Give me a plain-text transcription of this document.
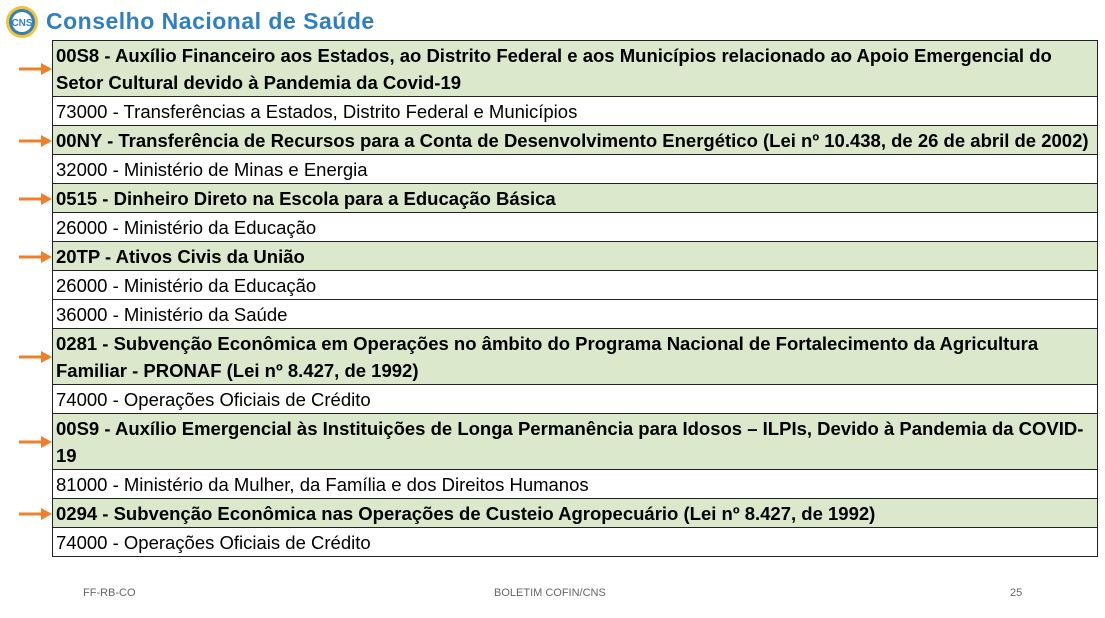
CNS Conselho Nacional de Saúde
00S8 - Auxílio Financeiro aos Estados, ao Distrito Federal e aos Municípios relacionado ao Apoio Emergencial do Setor Cultural devido à Pandemia da Covid-19
73000 - Transferências a Estados, Distrito Federal e Municípios
00NY - Transferência de Recursos para a Conta de Desenvolvimento Energético (Lei nº 10.438, de 26 de abril de 2002)
32000 - Ministério de Minas e Energia
0515 - Dinheiro Direto na Escola para a Educação Básica
26000 - Ministério da Educação
20TP - Ativos Civis da União
26000 - Ministério da Educação
36000 - Ministério da Saúde
0281 - Subvenção Econômica em Operações no âmbito do Programa Nacional de Fortalecimento da Agricultura Familiar - PRONAF (Lei nº 8.427, de 1992)
74000 - Operações Oficiais de Crédito
00S9 - Auxílio Emergencial às Instituições de Longa Permanência para Idosos – ILPIs, Devido à Pandemia da COVID-19
81000 - Ministério da Mulher, da Família e dos Direitos Humanos
0294 - Subvenção Econômica nas Operações de Custeio Agropecuário (Lei nº 8.427, de 1992)
74000 - Operações Oficiais de Crédito
FF-RB-CO	BOLETIM COFIN/CNS	25
